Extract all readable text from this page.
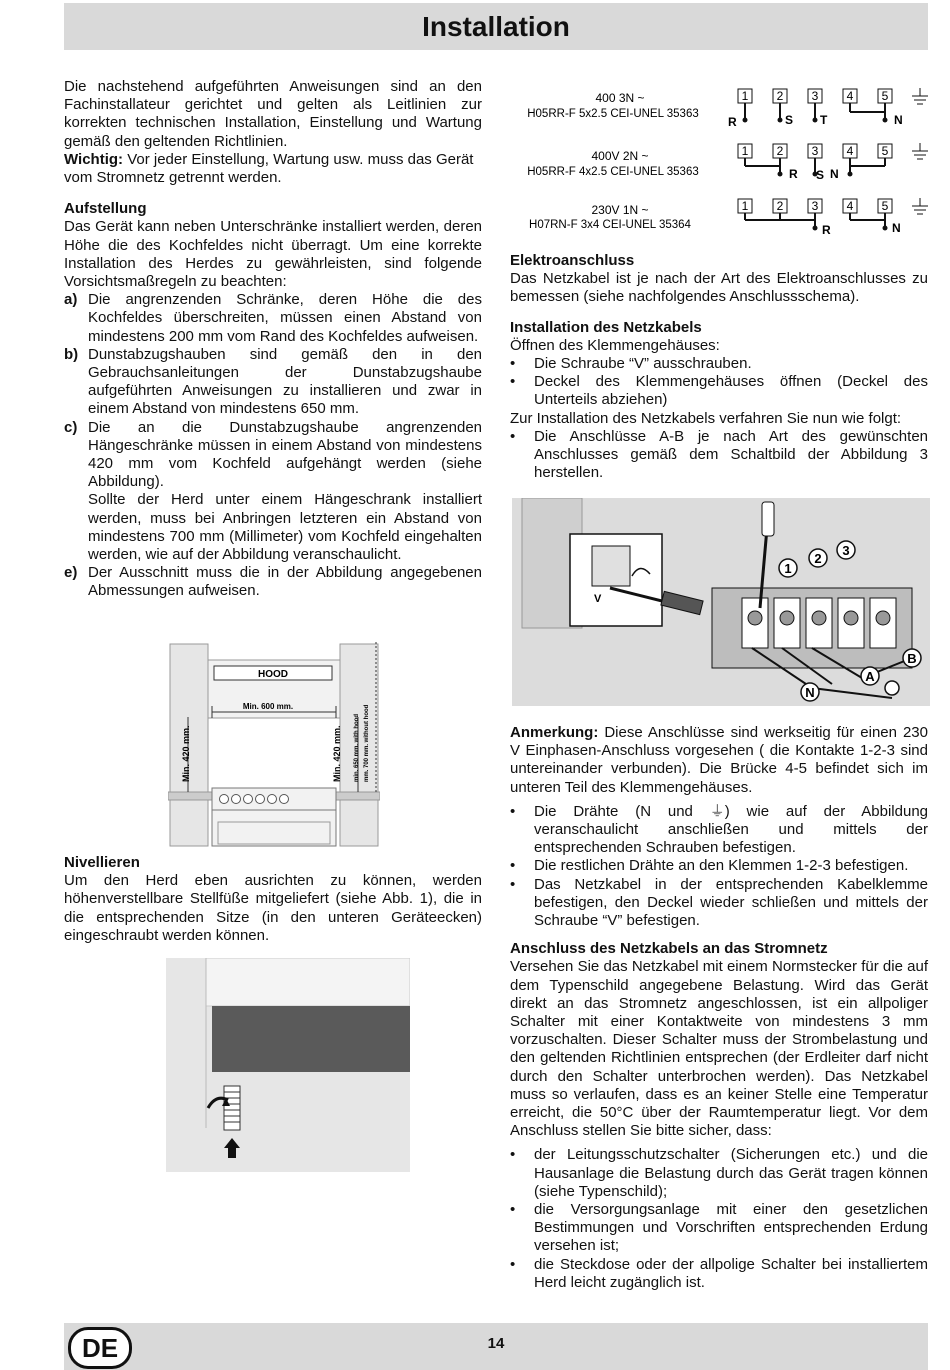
Installation

Die nachstehend aufgeführten Anweisungen sind an den Fachinstallateur gerichtet und gelten als Leitlinien zur korrekten technischen Installation, Einstellung und Wartung gemäß den geltenden Richtlinien.

Wichtig: Vor jeder Einstellung, Wartung usw. muss das Gerät vom Stromnetz getrennt werden.

Aufstellung

Das Gerät kann neben Unterschränke installiert werden, deren Höhe die des Kochfeldes nicht überragt. Um eine korrekte Installation des Herdes zu gewährleisten, sind folgende Vorsichtsmaßregeln zu beachten:

a) Die angrenzenden Schränke, deren Höhe die des Kochfeldes überschreiten, müssen einen Abstand von mindestens 200 mm vom Rand des Kochfeldes aufweisen.
b) Dunstabzugshauben sind gemäß den in den Gebrauchsanleitungen der Dunstabzugshaube aufgeführten Anweisungen zu installieren und zwar in einem Abstand von mindestens 650 mm.
c) Die an die Dunstabzugshaube angrenzenden Hängeschränke müssen in einem Abstand von mindestens 420 mm vom Kochfeld aufgehängt werden (siehe Abbildung).
Sollte der Herd unter einem Hängeschrank installiert werden, muss bei Anbringen letzteren ein Abstand von mindestens 700 mm (Millimeter) vom Kochfeld eingehalten werden, wie auf der Abbildung veranschaulicht.
e) Der Ausschnitt muss die in der Abbildung angegebenen Abmessungen aufweisen.
HOOD
Min. 600 mm.
Min. 420 mm.	Min. 420 mm. min. 650 mm. with hood mm. 700 mm. without hood

Nivellieren

Um den Herd eben ausrichten zu können, werden höhenverstellbare Stellfüße mitgeliefert (siehe Abb. 1), die in die entsprechenden Sitze (in den unteren Geräteecken) eingeschraubt werden können.

400 3N ~
H05RR-F 5x2.5 CEI-UNEL 35363
1 2 3 4 5
R	S T	N
400V 2N ~
H05RR-F 4x2.5 CEI-UNEL 35363
1 2 3 4 5
R S N
230V 1N ~
H07RN-F 3x4 CEI-UNEL 35364
1 2 3 4 5
R	N

Elektroanschluss

Das Netzkabel ist je nach der Art des Elektroanschlusses zu bemessen (siehe nachfolgendes Anschlussschema).

Installation des Netzkabels

Öffnen des Klemmengehäuses:

• Die Schraube “V” ausschrauben.
• Deckel des Klemmengehäuses öffnen (Deckel des Unterteils abziehen)

Zur Installation des Netzkabels verfahren Sie nun wie folgt:

• Die Anschlüsse A-B je nach Art des gewünschten Anschlusses gemäß dem Schaltbild der Abbildung 3 herstellen.
V
1
2
3
A
B
N

Anmerkung: Diese Anschlüsse sind werkseitig für einen 230 V Einphasen-Anschluss vorgesehen ( die Kontakte 1-2-3 sind untereinander verbunden). Die Brücke 4-5 befindet sich im unteren Teil des Klemmengehäuses.

• Die Drähte (N und ⏚) wie auf der Abbildung veranschaulicht anschließen und mittels der entsprechenden Schrauben befestigen.
• Die restlichen Drähte an den Klemmen 1-2-3 befestigen.
• Das Netzkabel in der entsprechenden Kabelklemme befestigen, den Deckel wieder schließen und mittels der Schraube “V” befestigen.

Anschluss des Netzkabels an das Stromnetz

Versehen Sie das Netzkabel mit einem Normstecker für die auf dem Typenschild angegebene Belastung. Wird das Gerät direkt an das Stromnetz angeschlossen, ist ein allpoliger Schalter mit einer Kontaktweite von mindestens 3 mm vorzuschalten. Dieser Schalter muss der Strombelastung und den geltenden Richtlinien entsprechen (der Erdleiter darf nicht durch den Schalter unterbrochen werden). Das Netzkabel muss so verlaufen, dass es an keiner Stelle eine Temperatur erreicht, die 50°C über der Raumtemperatur liegt. Vor dem Anschluss stellen Sie bitte sicher, dass:

• der Leitungsschutzschalter (Sicherungen etc.) und die Hausanlage die Belastung durch das Gerät tragen können (siehe Typenschild);
• die Versorgungsanlage mit einer den gesetzlichen Bestimmungen und Vorschriften entsprechenden Erdung versehen ist;
• die Steckdose oder der allpolige Schalter bei installiertem Herd leicht zugänglich ist.
14
DE
